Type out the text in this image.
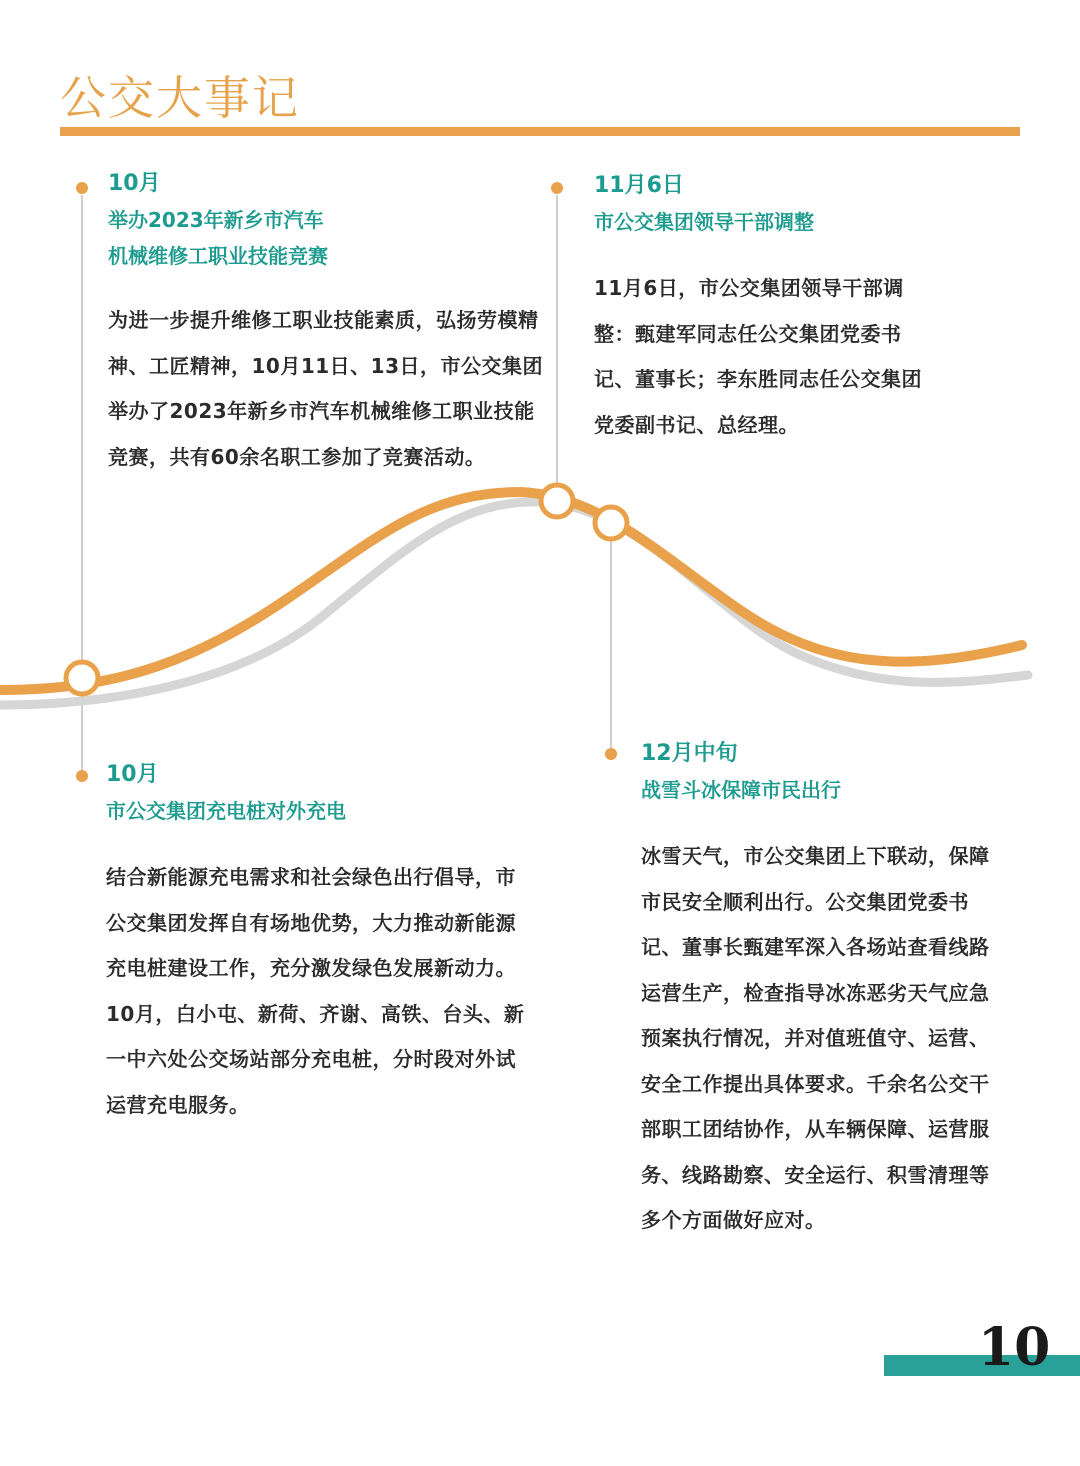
公交大事记
10月
举办2023年新乡市汽车
机械维修工职业技能竞赛
为进一步提升维修工职业技能素质，弘扬劳模精神、工匠精神，10月11日、13日，市公交集团举办了2023年新乡市汽车机械维修工职业技能竞赛，共有60余名职工参加了竞赛活动。
11月6日
市公交集团领导干部调整
11月6日，市公交集团领导干部调整：甄建军同志任公交集团党委书记、董事长；李东胜同志任公交集团党委副书记、总经理。
10月
市公交集团充电桩对外充电
结合新能源充电需求和社会绿色出行倡导，市公交集团发挥自有场地优势，大力推动新能源充电桩建设工作，充分激发绿色发展新动力。10月，白小屯、新荷、齐谢、高铁、台头、新一中六处公交场站部分充电桩，分时段对外试运营充电服务。
12月中旬
战雪斗冰保障市民出行
冰雪天气，市公交集团上下联动，保障市民安全顺利出行。公交集团党委书记、董事长甄建军深入各场站查看线路运营生产，检查指导冰冻恶劣天气应急预案执行情况，并对值班值守、运营、安全工作提出具体要求。千余名公交干部职工团结协作，从车辆保障、运营服务、线路勘察、安全运行、积雪清理等多个方面做好应对。
10
